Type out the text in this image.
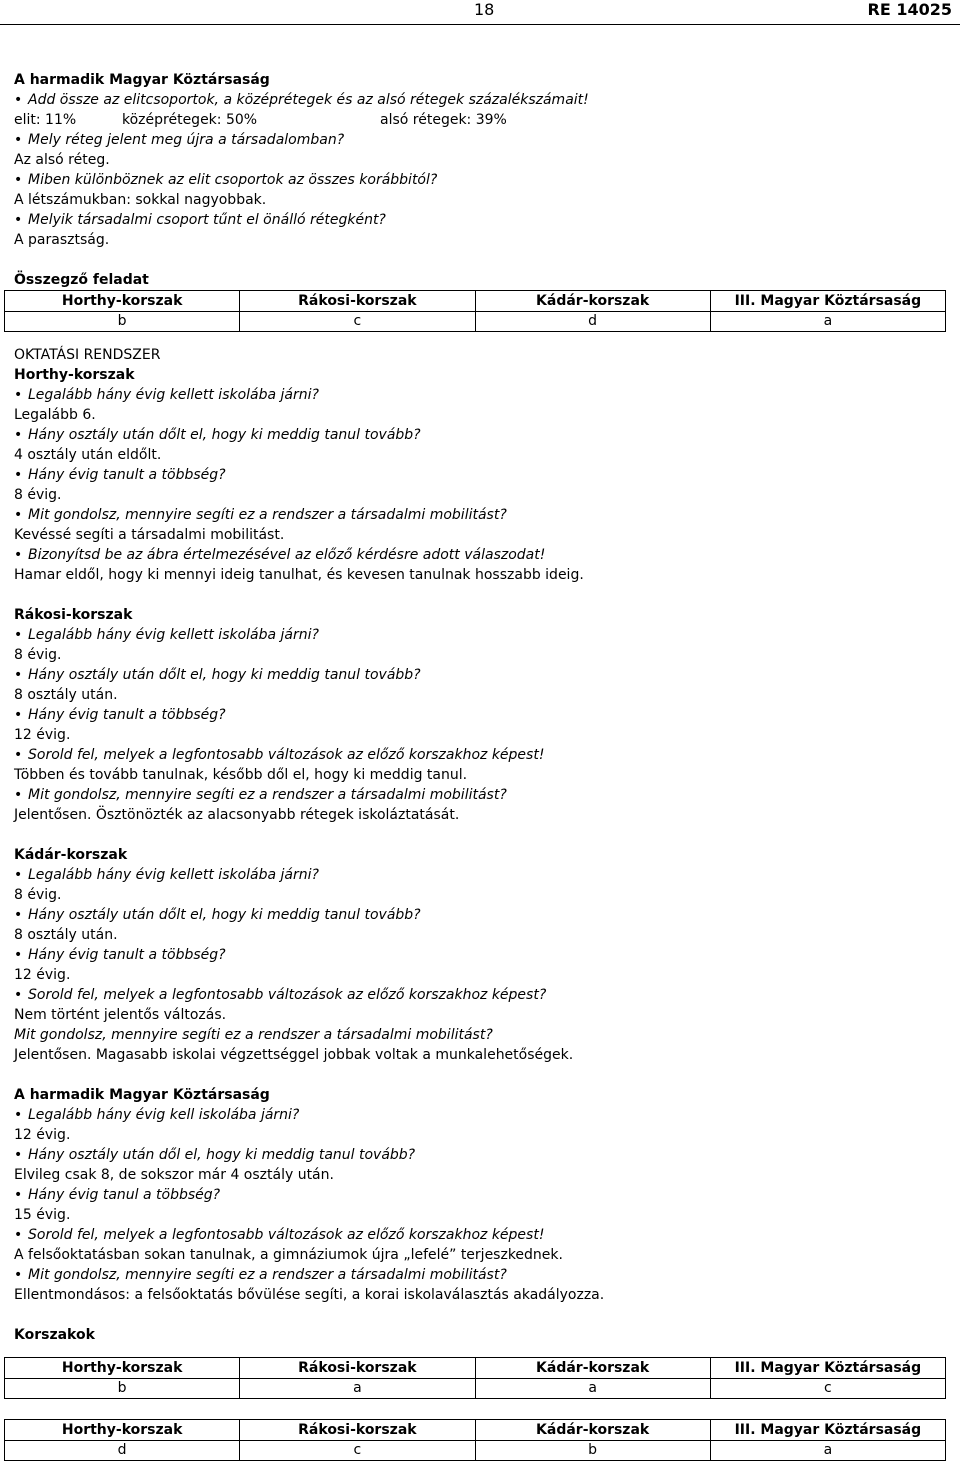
18	RE 14025
A harmadik Magyar Köztársaság
• Add össze az elitcsoportok, a középrétegek és az alsó rétegek százalékszámait!
elit: 11%	középrétegek: 50%	alsó rétegek: 39%
• Mely réteg jelent meg újra a társadalomban?
Az alsó réteg.
• Miben különböznek az elit csoportok az összes korábbitól?
A létszámukban: sokkal nagyobbak.
• Melyik társadalmi csoport tűnt el önálló rétegként?
A parasztság.
Összegző feladat
Horthy-korszak	Rákosi-korszak	Kádár-korszak	III. Magyar Köztársaság
b	c	d	a
OKTATÁSI RENDSZER
Horthy-korszak
• Legalább hány évig kellett iskolába járni?
Legalább 6.
• Hány osztály után dőlt el, hogy ki meddig tanul tovább?
4 osztály után eldőlt.
• Hány évig tanult a többség?
8 évig.
• Mit gondolsz, mennyire segíti ez a rendszer a társadalmi mobilitást?
Kevéssé segíti a társadalmi mobilitást.
• Bizonyítsd be az ábra értelmezésével az előző kérdésre adott válaszodat!
Hamar eldől, hogy ki mennyi ideig tanulhat, és kevesen tanulnak hosszabb ideig.
Rákosi-korszak
• Legalább hány évig kellett iskolába járni?
8 évig.
• Hány osztály után dőlt el, hogy ki meddig tanul tovább?
8 osztály után.
• Hány évig tanult a többség?
12 évig.
• Sorold fel, melyek a legfontosabb változások az előző korszakhoz képest!
Többen és tovább tanulnak, később dől el, hogy ki meddig tanul.
• Mit gondolsz, mennyire segíti ez a rendszer a társadalmi mobilitást?
Jelentősen. Ösztönözték az alacsonyabb rétegek iskoláztatását.
Kádár-korszak
• Legalább hány évig kellett iskolába járni?
8 évig.
• Hány osztály után dőlt el, hogy ki meddig tanul tovább?
8 osztály után.
• Hány évig tanult a többség?
12 évig.
• Sorold fel, melyek a legfontosabb változások az előző korszakhoz képest?
Nem történt jelentős változás.
Mit gondolsz, mennyire segíti ez a rendszer a társadalmi mobilitást?
Jelentősen. Magasabb iskolai végzettséggel jobbak voltak a munkalehetőségek.
A harmadik Magyar Köztársaság
• Legalább hány évig kell iskolába járni?
12 évig.
• Hány osztály után dől el, hogy ki meddig tanul tovább?
Elvileg csak 8, de sokszor már 4 osztály után.
• Hány évig tanul a többség?
15 évig.
• Sorold fel, melyek a legfontosabb változások az előző korszakhoz képest!
A felsőoktatásban sokan tanulnak, a gimnáziumok újra „lefelé” terjeszkednek.
• Mit gondolsz, mennyire segíti ez a rendszer a társadalmi mobilitást?
Ellentmondásos: a felsőoktatás bővülése segíti, a korai iskolaválasztás akadályozza.
Korszakok
Horthy-korszak	Rákosi-korszak	Kádár-korszak	III. Magyar Köztársaság
b	a	a	c
Horthy-korszak	Rákosi-korszak	Kádár-korszak	III. Magyar Köztársaság
d	c	b	a
